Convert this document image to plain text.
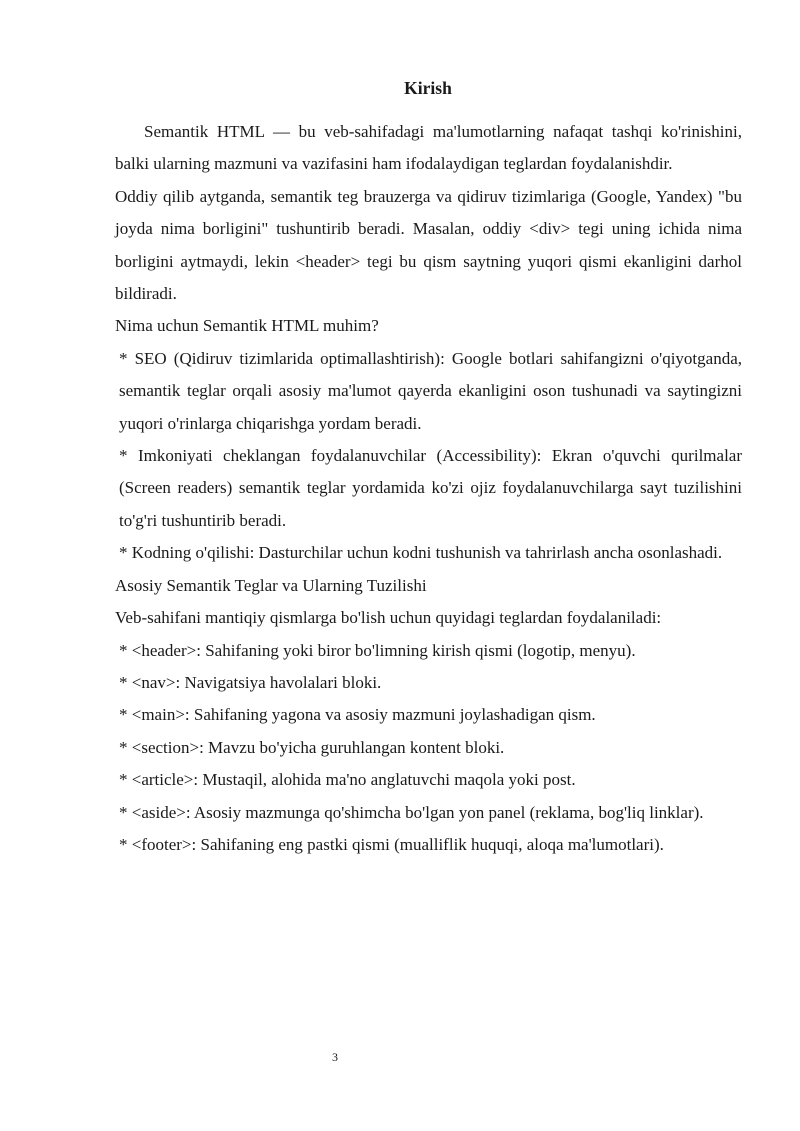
Kirish

Semantik HTML — bu veb-sahifadagi ma'lumotlarning nafaqat tashqi ko'rinishini, balki ularning mazmuni va vazifasini ham ifodalaydigan teglardan foydalanishdir.

Oddiy qilib aytganda, semantik teg brauzerga va qidiruv tizimlariga (Google, Yandex) "bu joyda nima borligini" tushuntirib beradi. Masalan, oddiy <div> tegi uning ichida nima borligini aytmaydi, lekin <header> tegi bu qism saytning yuqori qismi ekanligini darhol bildiradi.

Nima uchun Semantik HTML muhim?

* SEO (Qidiruv tizimlarida optimallashtirish): Google botlari sahifangizni o'qiyotganda, semantik teglar orqali asosiy ma'lumot qayerda ekanligini oson tushunadi va saytingizni yuqori o'rinlarga chiqarishga yordam beradi.

* Imkoniyati cheklangan foydalanuvchilar (Accessibility): Ekran o'quvchi qurilmalar (Screen readers) semantik teglar yordamida ko'zi ojiz foydalanuvchilarga sayt tuzilishini to'g'ri tushuntirib beradi.

* Kodning o'qilishi: Dasturchilar uchun kodni tushunish va tahrirlash ancha osonlashadi.

Asosiy Semantik Teglar va Ularning Tuzilishi

Veb-sahifani mantiqiy qismlarga bo'lish uchun quyidagi teglardan foydalaniladi:

* <header>: Sahifaning yoki biror bo'limning kirish qismi (logotip, menyu).

* <nav>: Navigatsiya havolalari bloki.

* <main>: Sahifaning yagona va asosiy mazmuni joylashadigan qism.

* <section>: Mavzu bo'yicha guruhlangan kontent bloki.

* <article>: Mustaqil, alohida ma'no anglatuvchi maqola yoki post.

* <aside>: Asosiy mazmunga qo'shimcha bo'lgan yon panel (reklama, bog'liq linklar).

* <footer>: Sahifaning eng pastki qismi (mualliflik huquqi, aloqa ma'lumotlari).

3
